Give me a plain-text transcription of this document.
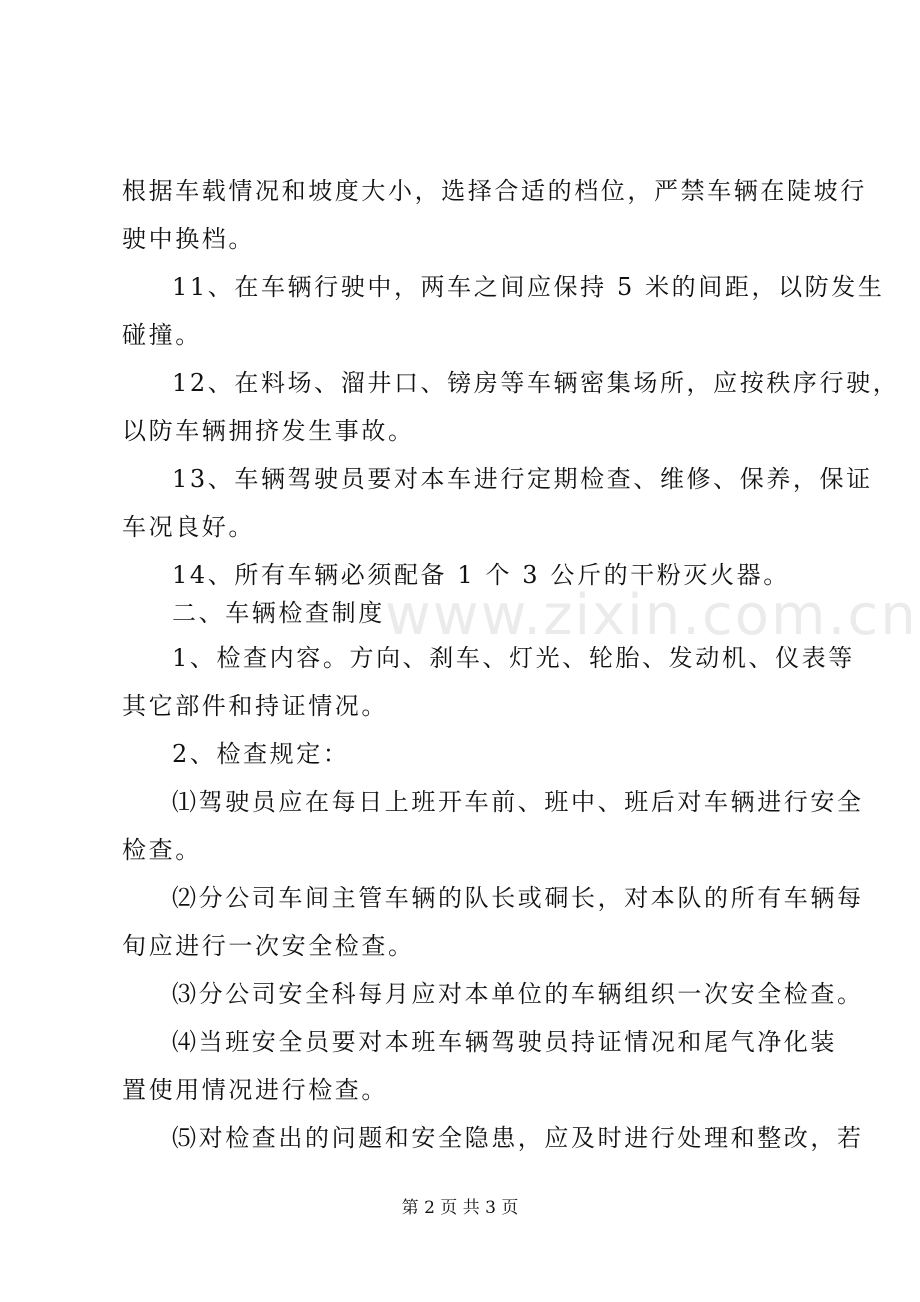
www.zixin.com.cn
根据车载情况和坡度大小，选择合适的档位，严禁车辆在陡坡行
驶中换档。
11、在车辆行驶中，两车之间应保持 5 米的间距，以防发生
碰撞。
12、在料场、溜井口、镑房等车辆密集场所，应按秩序行驶，
以防车辆拥挤发生事故。
13、车辆驾驶员要对本车进行定期检查、维修、保养，保证
车况良好。
14、所有车辆必须配备 1 个 3 公斤的干粉灭火器。
二、车辆检查制度
1、检查内容。方向、刹车、灯光、轮胎、发动机、仪表等
其它部件和持证情况。
2、检查规定：
⑴驾驶员应在每日上班开车前、班中、班后对车辆进行安全
检查。
⑵分公司车间主管车辆的队长或硐长，对本队的所有车辆每
旬应进行一次安全检查。
⑶分公司安全科每月应对本单位的车辆组织一次安全检查。
⑷当班安全员要对本班车辆驾驶员持证情况和尾气净化装
置使用情况进行检查。
⑸对检查出的问题和安全隐患，应及时进行处理和整改，若
第 2 页 共 3 页
